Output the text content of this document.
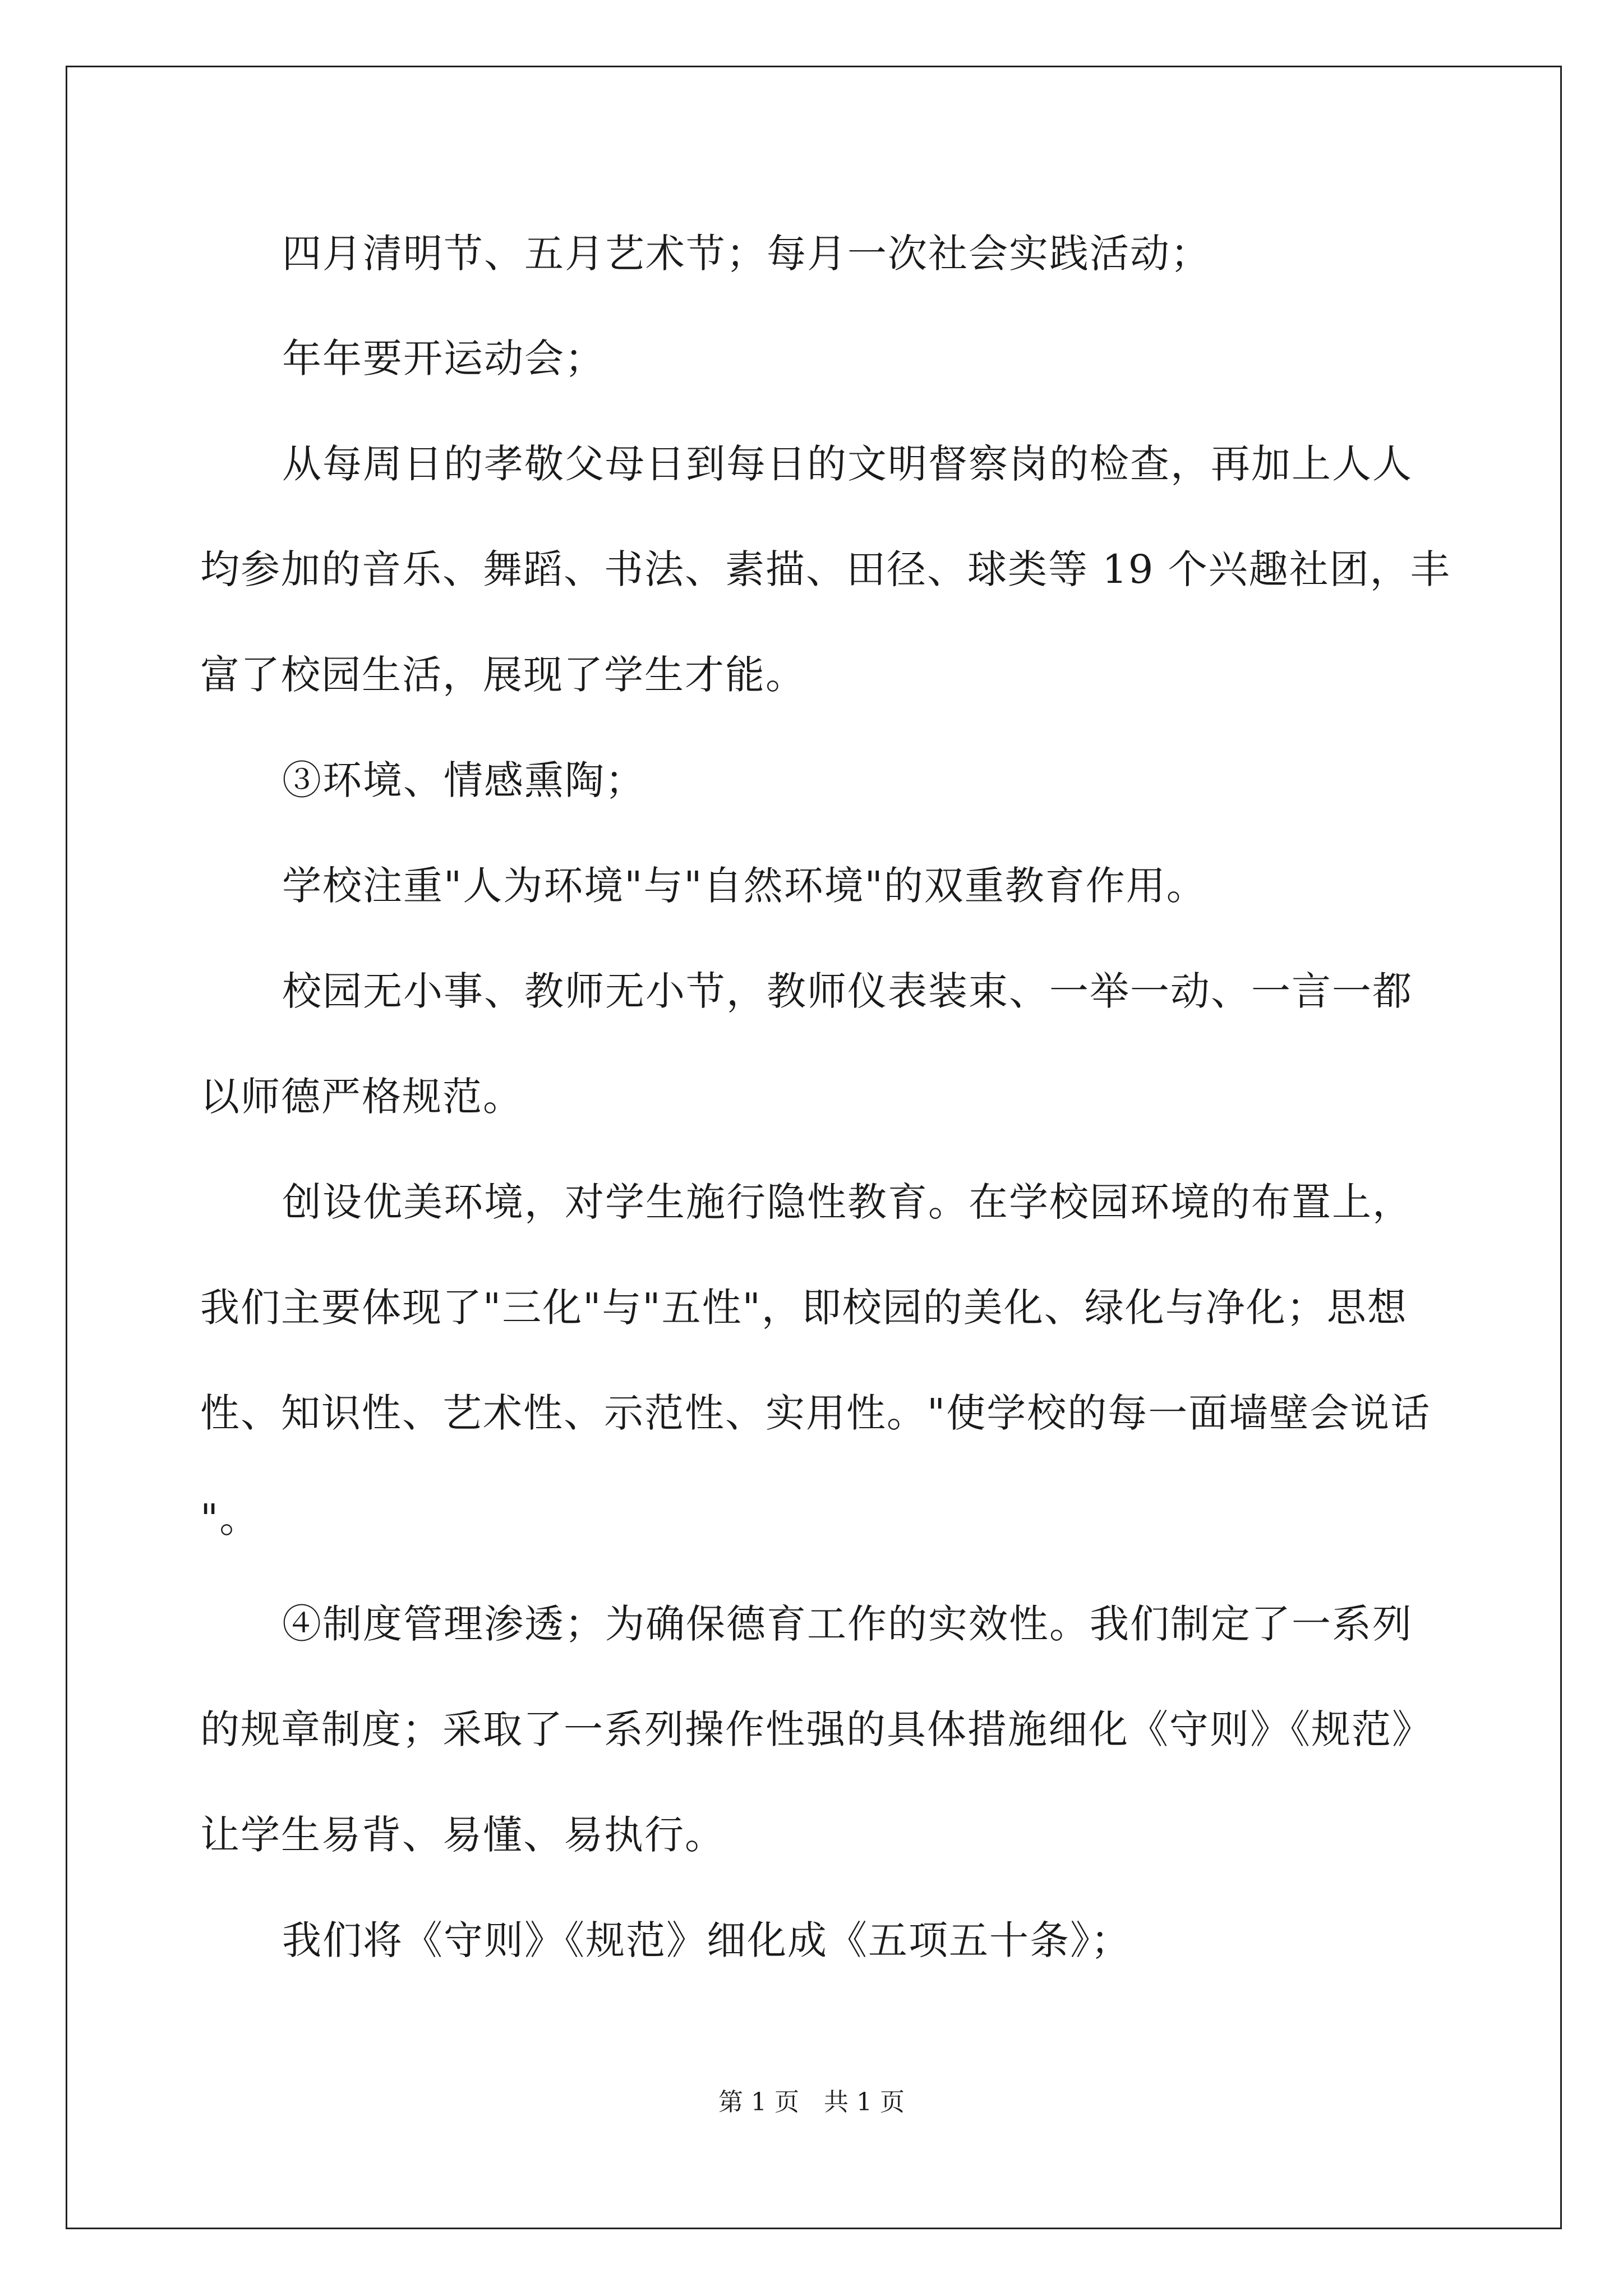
四月清明节、五月艺术节；每月一次社会实践活动；
年年要开运动会；
从每周日的孝敬父母日到每日的文明督察岗的检查，再加上人人
均参加的音乐、舞蹈、书法、素描、田径、球类等 19 个兴趣社团，丰
富了校园生活，展现了学生才能。
③环境、情感熏陶；
学校注重"人为环境"与"自然环境"的双重教育作用。
校园无小事、教师无小节，教师仪表装束、一举一动、一言一都
以师德严格规范。
创设优美环境，对学生施行隐性教育。在学校园环境的布置上，
我们主要体现了"三化"与"五性"，即校园的美化、绿化与净化；思想
性、知识性、艺术性、示范性、实用性。"使学校的每一面墙壁会说话
"。
④制度管理渗透；为确保德育工作的实效性。我们制定了一系列
的规章制度；采取了一系列操作性强的具体措施细化《守则》《规范》
让学生易背、易懂、易执行。
我们将《守则》《规范》细化成《五项五十条》；
第 1 页　共 1 页
